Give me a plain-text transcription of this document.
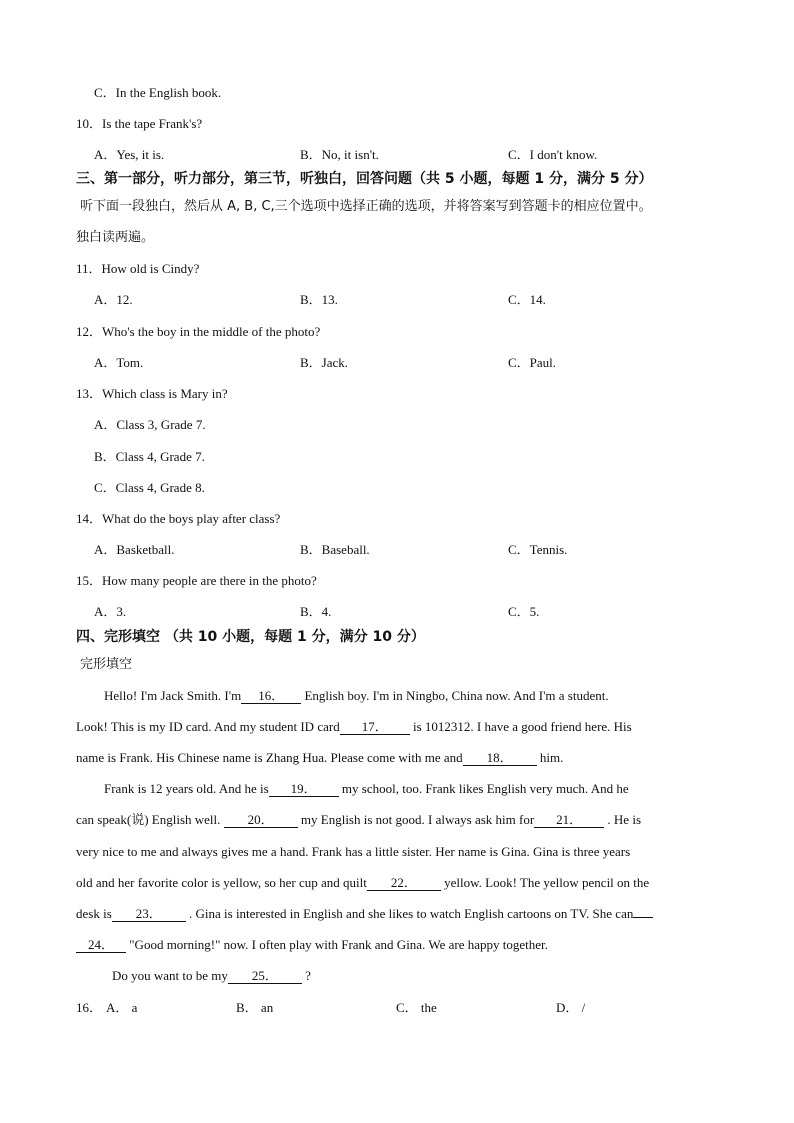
C．In the English book.
10．Is the tape Frank's?
A．Yes, it is.	B．No, it isn't.	C．I don't know.
三、第一部分，听力部分，第三节，听独白，回答问题（共 5 小题，每题 1 分，满分 5 分）
听下面一段独白，然后从 A, B, C,三个选项中选择正确的选项，并将答案写到答题卡的相应位置中。
独白读两遍。
11．How old is Cindy?
A．12.	B．13.	C．14.
12．Who's the boy in the middle of the photo?
A．Tom.	B．Jack.	C．Paul.
13．Which class is Mary in?
A．Class 3, Grade 7.
B．Class 4, Grade 7.
C．Class 4, Grade 8.
14．What do the boys play after class?
A．Basketball.	B．Baseball.	C．Tennis.
15．How many people are there in the photo?
A．3.	B．4.	C．5.
四、完形填空 （共 10 小题，每题 1 分，满分 10 分）
完形填空
Hello! I'm Jack Smith. I'm 16． English boy. I'm in Ningbo, China now. And I'm a student.
Look! This is my ID card. And my student ID card 17． is 1012312. I have a good friend here. His
name is Frank. His Chinese name is Zhang Hua. Please come with me and 18． him.
Frank is 12 years old. And he is 19． my school, too. Frank likes English very much. And he
can speak(说) English well. 20． my English is not good. I always ask him for 21． . He is
very nice to me and always gives me a hand. Frank has a little sister. Her name is Gina. Gina is three years
old and her favorite color is yellow, so her cup and quilt 22． yellow. Look! The yellow pencil on the
desk is 23． . Gina is interested in English and she likes to watch English cartoons on TV. She can
24． "Good morning!" now. I often play with Frank and Gina. We are happy together.
Do you want to be my 25． ?
16． A． a	B． an	C． the	D． /
